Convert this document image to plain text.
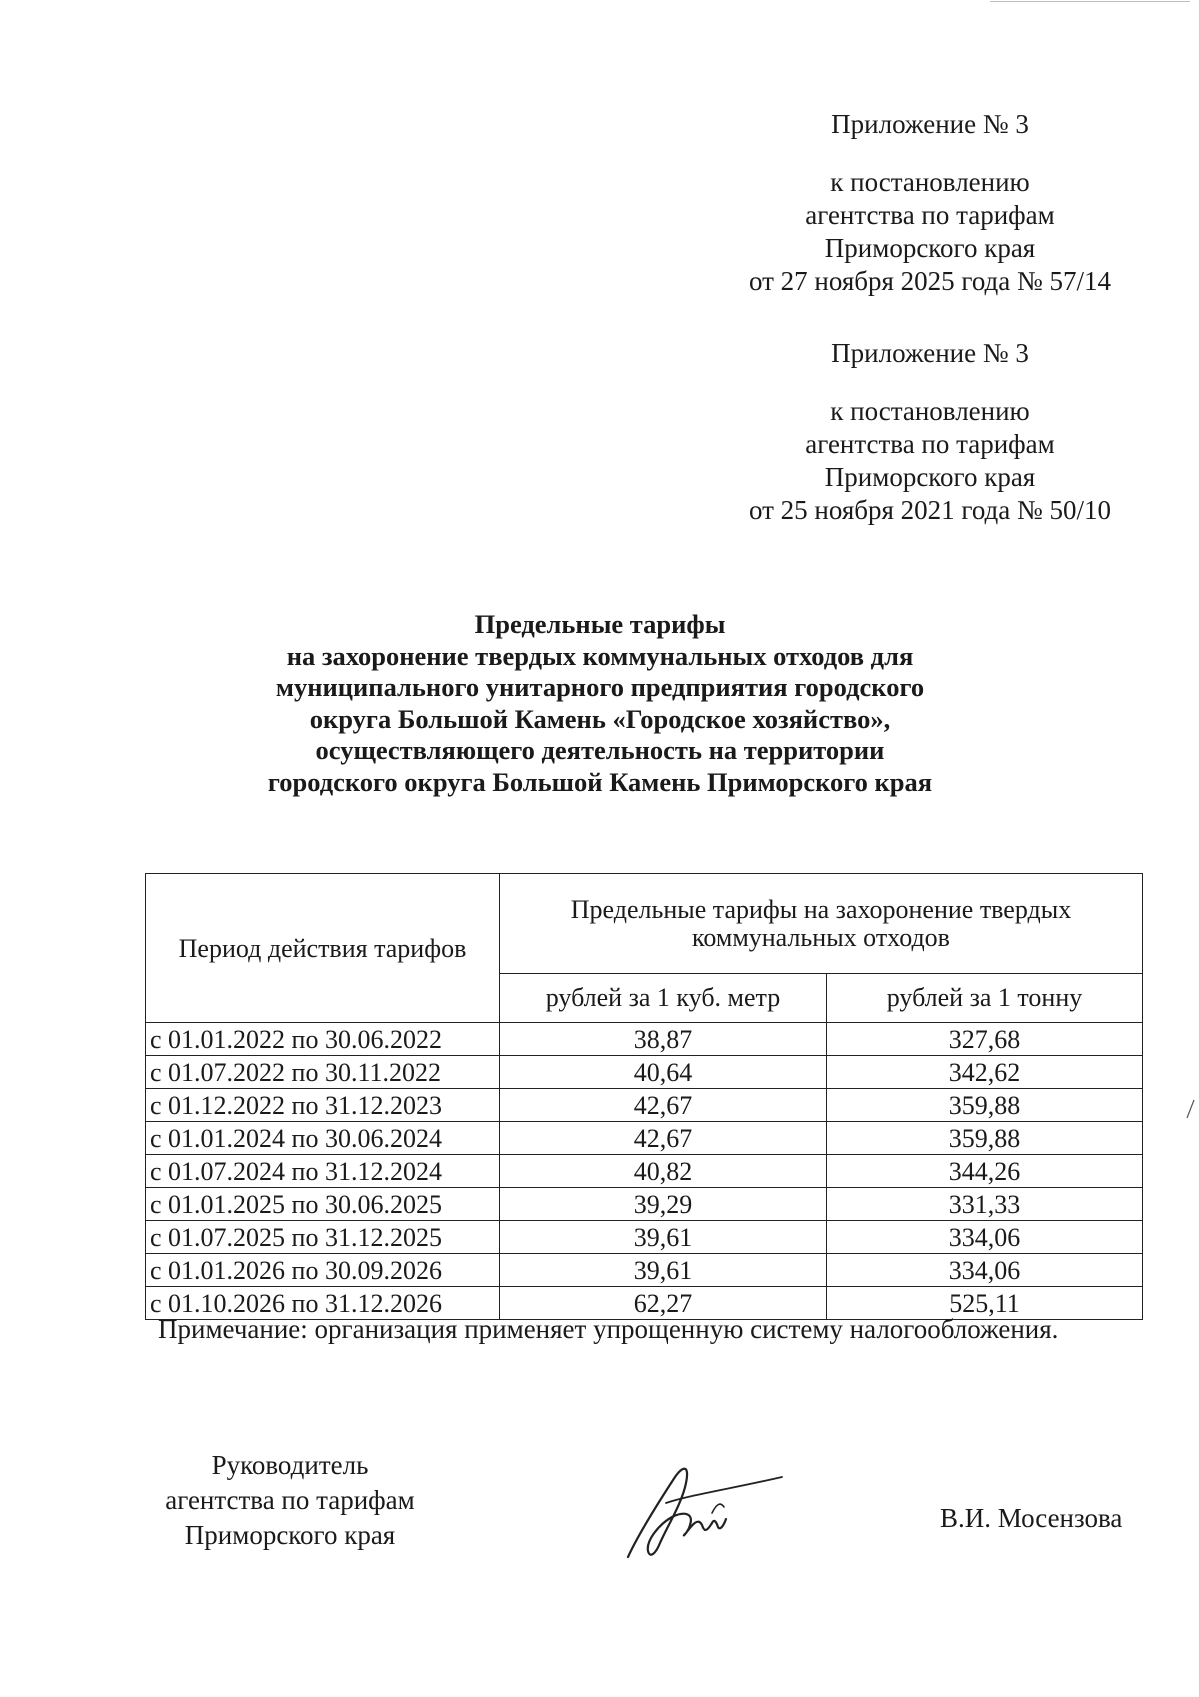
Приложение № 3
к постановлению
агентства по тарифам
Приморского края
от 27 ноября 2025 года № 57/14
Приложение № 3
к постановлению
агентства по тарифам
Приморского края
от 25 ноября 2021 года № 50/10
Предельные тарифы
на захоронение твердых коммунальных отходов для
муниципального унитарного предприятия городского
округа Большой Камень «Городское хозяйство»,
осуществляющего деятельность на территории
городского округа Большой Камень Приморского края
Период действия тарифов	Предельные тарифы на захоронение твердых коммунальных отходов	
	рублей за 1 куб. метр	рублей за 1 тонну
с 01.01.2022 по 30.06.2022	38,87	327,68
с 01.07.2022 по 30.11.2022	40,64	342,62
с 01.12.2022 по 31.12.2023	42,67	359,88
с 01.01.2024 по 30.06.2024	42,67	359,88
с 01.07.2024 по 31.12.2024	40,82	344,26
с 01.01.2025 по 30.06.2025	39,29	331,33
с 01.07.2025 по 31.12.2025	39,61	334,06
с 01.01.2026 по 30.09.2026	39,61	334,06
с 01.10.2026 по 31.12.2026	62,27	525,11
Примечание: организация применяет упрощенную систему налогообложения.
Руководитель
агентства по тарифам
Приморского края
В.И. Мосензова
